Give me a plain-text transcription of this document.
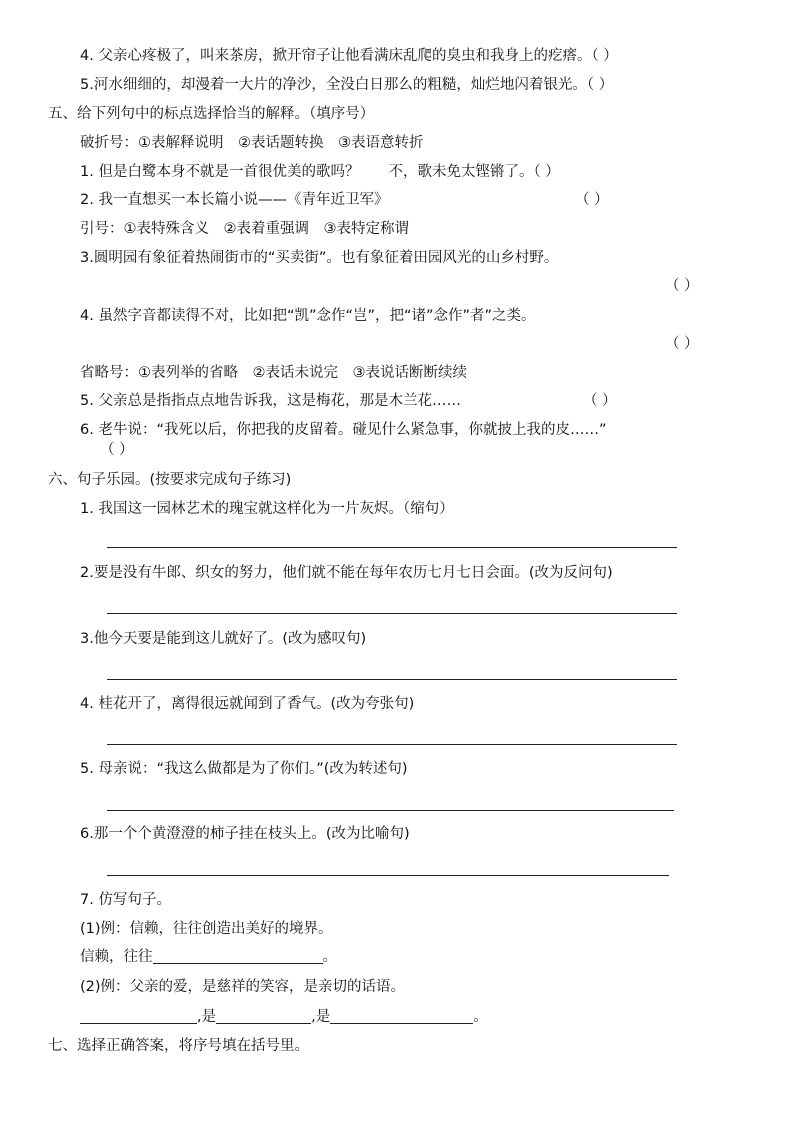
4. 父亲心疼极了，叫来茶房，掀开帘子让他看满床乱爬的臭虫和我身上的疙瘩。（ ）
5.河水细细的，却漫着一大片的净沙，全没白日那么的粗糙，灿烂地闪着银光。（ ）
五、给下列句中的标点选择恰当的解释。（填序号）
破折号：①表解释说明　②表话题转换　③表语意转折
1. 但是白鹭本身不就是一首很优美的歌吗？　　不，歌未免太铿锵了。（ ）
2. 我一直想买一本长篇小说——《青年近卫军》	（ ）
引号：①表特殊含义　②表着重强调　③表特定称谓
3.圆明园有象征着热闹街市的“买卖街”。也有象征着田园风光的山乡村野。
（ ）
4. 虽然字音都读得不对，比如把“凯”念作“岂”，把“诸”念作”者”之类。
（ ）
省略号：①表列举的省略　②表话未说完　③表说话断断续续
5. 父亲总是指指点点地告诉我，这是梅花，那是木兰花……	（ ）
6. 老牛说：“我死以后，你把我的皮留着。碰见什么紧急事，你就披上我的皮……”
（ ）
六、句子乐园。(按要求完成句子练习)
1. 我国这一园林艺术的瑰宝就这样化为一片灰烬。（缩句）
2.要是没有牛郎、织女的努力，他们就不能在每年农历七月七日会面。(改为反问句)
3.他今天要是能到这儿就好了。(改为感叹句)
4. 桂花开了，离得很远就闻到了香气。(改为夸张句)
5. 母亲说：“我这么做都是为了你们。”(改为转述句)
6.那一个个黄澄澄的柿子挂在枝头上。(改为比喻句)
7. 仿写句子。
(1)例：信赖，往往创造出美好的境界。
信赖，往往	。
(2)例：父亲的爱，是慈祥的笑容，是亲切的话语。
,是	,是	。
七、选择正确答案，将序号填在括号里。
